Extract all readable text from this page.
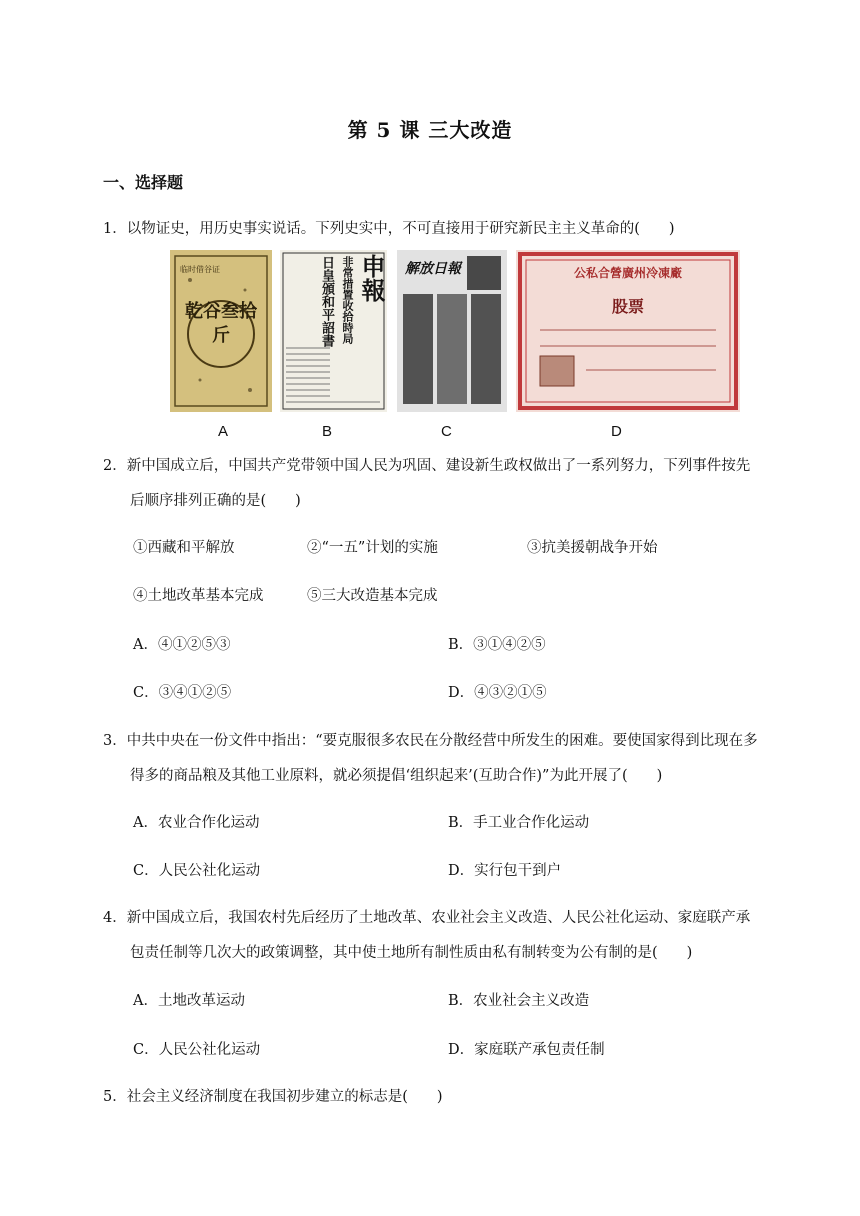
第 5 课 三大改造
一、选择题
1．以物证史，用历史事实说话。下列史实中，不可直接用于研究新民主主义革命的(　　)
临时借谷证
乾谷叁拾斤	非常措置收拾時局
日皇頒和平詔書 申報 解放日報	公私合營廣州冷凍廠
股票
A	B	C	D
2．新中国成立后，中国共产党带领中国人民为巩固、建设新生政权做出了一系列努力，下列事件按先
后顺序排列正确的是(　　)
①西藏和平解放	②“一五”计划的实施	③抗美援朝战争开始
④土地改革基本完成	⑤三大改造基本完成
A．④①②⑤③	B．③①④②⑤
C．③④①②⑤	D．④③②①⑤
3．中共中央在一份文件中指出：“要克服很多农民在分散经营中所发生的困难。要使国家得到比现在多
得多的商品粮及其他工业原料，就必须提倡‘组织起来’(互助合作)”为此开展了(　　)
A．农业合作化运动	B．手工业合作化运动
C．人民公社化运动	D．实行包干到户
4．新中国成立后，我国农村先后经历了土地改革、农业社会主义改造、人民公社化运动、家庭联产承
包责任制等几次大的政策调整，其中使土地所有制性质由私有制转变为公有制的是(　　)
A．土地改革运动	B．农业社会主义改造
C．人民公社化运动	D．家庭联产承包责任制
5．社会主义经济制度在我国初步建立的标志是(　　)
